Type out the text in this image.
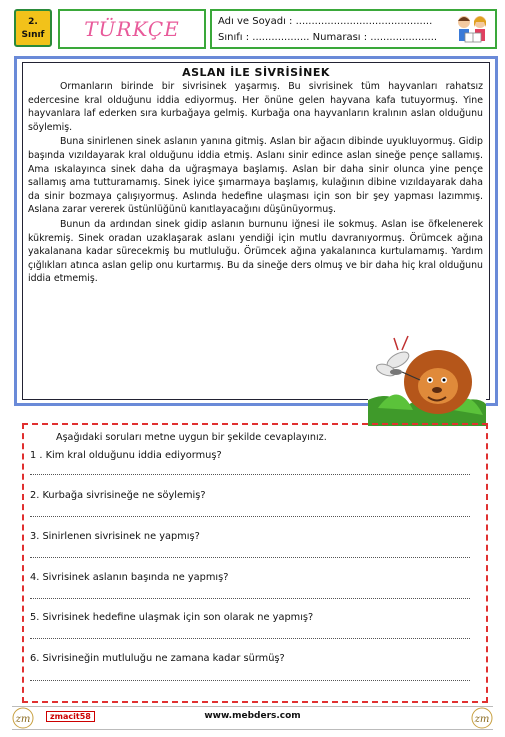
2.
Sınıf TÜRKÇE	Adı ve Soyadı : ...........................................
Sınıfı : .................. Numarası : .....................
ASLAN İLE SİVRİSİNEK

Ormanların birinde bir sivrisinek yaşarmış. Bu sivrisinek tüm hayvanları rahatsız edercesine kral olduğunu iddia ediyormuş. Her önüne gelen hayvana kafa tutuyormuş. Yine hayvanlara laf ederken sıra kurbağaya gelmiş. Kurbağa ona hayvanların kralının aslan olduğunu söylemiş.

Buna sinirlenen sinek aslanın yanına gitmiş. Aslan bir ağacın dibinde uyukluyormuş. Gidip başında vızıldayarak kral olduğunu iddia etmiş. Aslanı sinir edince aslan sineğe pençe sallamış. Ama ıskalayınca sinek daha da uğraşmaya başlamış. Aslan bir daha sinir olunca yine pençe sallamış ama tutturamamış. Sinek iyice şımarmaya başlamış, kulağının dibine vızıldayarak daha da sinir bozmaya çalışıyormuş. Aslında hedefine ulaşması için son bir şey yapması lazımmış. Aslana zarar vererek üstünlüğünü kanıtlayacağını düşünüyormuş.

Bunun da ardından sinek gidip aslanın burnunu iğnesi ile sokmuş. Aslan ise öfkelenerek kükremiş. Sinek oradan uzaklaşarak aslanı yendiği için mutlu davranıyormuş. Örümcek ağına yakalanana kadar sürecekmiş bu mutluluğu. Örümcek ağına yakalanınca kurtulamamış. Yardım çığlıkları atınca aslan gelip onu kurtarmış. Bu da sineğe ders olmuş ve bir daha hiç kral olduğunu iddia etmemiş.

Aşağıdaki soruları metne uygun bir şekilde cevaplayınız.
1 . Kim kral olduğunu iddia ediyormuş?
2. Kurbağa sivrisineğe ne söylemiş?
3. Sinirlenen sivrisinek ne yapmış?
4. Sivrisinek aslanın başında ne yapmış?
5. Sivrisinek hedefine ulaşmak için son olarak ne yapmış?
6. Sivrisineğin mutluluğu ne zamana kadar sürmüş?
zm	zmacit58	www.mebders.com	zm
